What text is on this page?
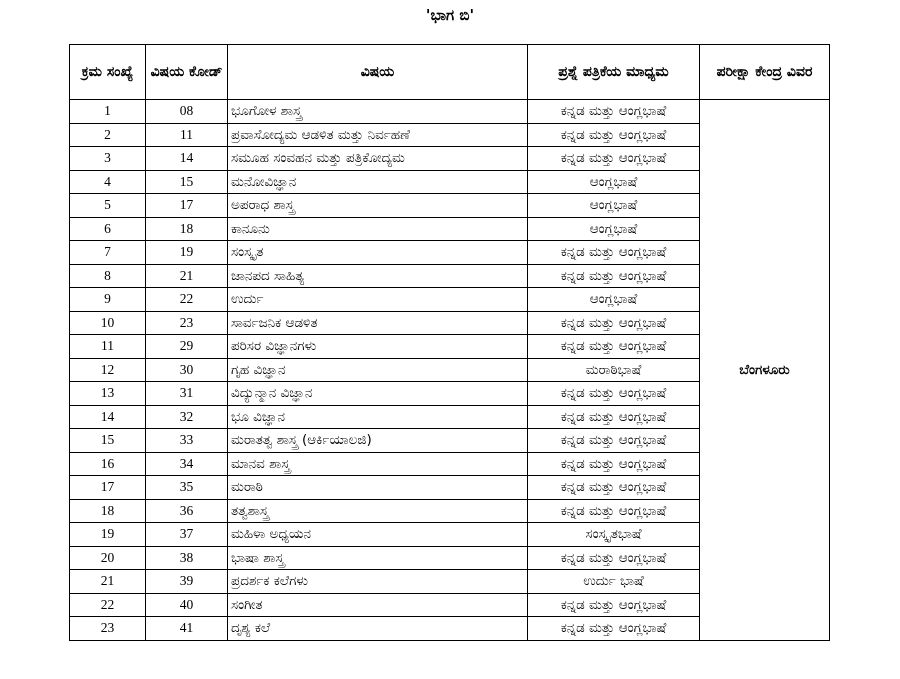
'ಭಾಗ ಬಿ'
ಕ್ರಮ ಸಂಖ್ಯೆ	ವಿಷಯ ಕೋಡ್	ವಿಷಯ	ಪ್ರಶ್ನೆ ಪತ್ರಿಕೆಯ ಮಾಧ್ಯಮ	ಪರೀಕ್ಷಾ ಕೇಂದ್ರ ವಿವರ
1	08	ಭೂಗೋಳ ಶಾಸ್ತ್ರ	ಕನ್ನಡ ಮತ್ತು ಆಂಗ್ಲಭಾಷೆ	ಬೆಂಗಳೂರು
2	11	ಪ್ರವಾಸೋದ್ಯಮ ಆಡಳಿತ ಮತ್ತು ನಿರ್ವಹಣೆ	ಕನ್ನಡ ಮತ್ತು ಆಂಗ್ಲಭಾಷೆ	
3	14	ಸಮೂಹ ಸಂವಹನ ಮತ್ತು ಪತ್ರಿಕೋದ್ಯಮ	ಕನ್ನಡ ಮತ್ತು ಆಂಗ್ಲಭಾಷೆ	
4	15	ಮನೋವಿಜ್ಞಾನ	ಆಂಗ್ಲಭಾಷೆ	
5	17	ಅಪರಾಧ ಶಾಸ್ತ್ರ	ಆಂಗ್ಲಭಾಷೆ	
6	18	ಕಾನೂನು	ಆಂಗ್ಲಭಾಷೆ	
7	19	ಸಂಸ್ಕೃತ	ಕನ್ನಡ ಮತ್ತು ಆಂಗ್ಲಭಾಷೆ	
8	21	ಜಾನಪದ ಸಾಹಿತ್ಯ	ಕನ್ನಡ ಮತ್ತು ಆಂಗ್ಲಭಾಷೆ	
9	22	ಉರ್ದು	ಆಂಗ್ಲಭಾಷೆ	
10	23	ಸಾರ್ವಜನಿಕ ಆಡಳಿತ	ಕನ್ನಡ ಮತ್ತು ಆಂಗ್ಲಭಾಷೆ	
11	29	ಪರಿಸರ ವಿಜ್ಞಾನಗಳು	ಕನ್ನಡ ಮತ್ತು ಆಂಗ್ಲಭಾಷೆ	
12	30	ಗೃಹ ವಿಜ್ಞಾನ	ಮರಾಠಿಭಾಷೆ	
13	31	ವಿದ್ಯುನ್ಮಾನ ವಿಜ್ಞಾನ	ಕನ್ನಡ ಮತ್ತು ಆಂಗ್ಲಭಾಷೆ	
14	32	ಭೂ ವಿಜ್ಞಾನ	ಕನ್ನಡ ಮತ್ತು ಆಂಗ್ಲಭಾಷೆ	
15	33	ಮರಾತತ್ವ ಶಾಸ್ತ್ರ (ಆರ್ಕಿಯಾಲಜಿ)	ಕನ್ನಡ ಮತ್ತು ಆಂಗ್ಲಭಾಷೆ	
16	34	ಮಾನವ ಶಾಸ್ತ್ರ	ಕನ್ನಡ ಮತ್ತು ಆಂಗ್ಲಭಾಷೆ	
17	35	ಮರಾಠಿ	ಕನ್ನಡ ಮತ್ತು ಆಂಗ್ಲಭಾಷೆ	
18	36	ತತ್ವಶಾಸ್ತ್ರ	ಕನ್ನಡ ಮತ್ತು ಆಂಗ್ಲಭಾಷೆ	
19	37	ಮಹಿಳಾ ಅಧ್ಯಯನ	ಸಂಸ್ಕೃತಭಾಷೆ	
20	38	ಭಾಷಾ ಶಾಸ್ತ್ರ	ಕನ್ನಡ ಮತ್ತು ಆಂಗ್ಲಭಾಷೆ	
21	39	ಪ್ರದರ್ಶಕ ಕಲೆಗಳು	ಉರ್ದು ಭಾಷೆ	
22	40	ಸಂಗೀತ	ಕನ್ನಡ ಮತ್ತು ಆಂಗ್ಲಭಾಷೆ	
23	41	ದೃಶ್ಯ ಕಲೆ	ಕನ್ನಡ ಮತ್ತು ಆಂಗ್ಲಭಾಷೆ	
